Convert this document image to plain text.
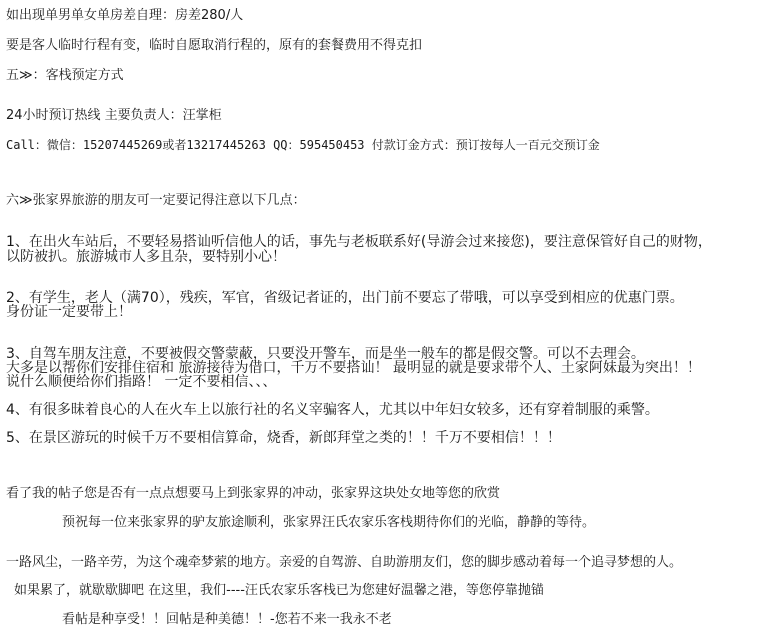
如出现单男单女单房差自理：房差280/人
要是客人临时行程有变，临时自愿取消行程的，原有的套餐费用不得克扣
五≫：客栈预定方式
24小时预订热线 主要负责人：汪掌柜
Call：微信：15207445269或者13217445263 QQ：595450453 付款订金方式：预订按每人一百元交预订金
六≫张家界旅游的朋友可一定要记得注意以下几点：
1、在出火车站后，不要轻易搭讪听信他人的话，事先与老板联系好(导游会过来接您)，要注意保管好自己的财物，
以防被扒。旅游城市人多且杂，要特别小心！
2、有学生，老人（满70），残疾，军官，省级记者证的，出门前不要忘了带哦，可以享受到相应的优惠门票。
身份证一定要带上！
3、自驾车朋友注意，不要被假交警蒙蔽，只要没开警车，而是坐一般车的都是假交警。可以不去理会。
大多是以帮你们安排住宿和 旅游接待为借口，千万不要搭讪！ 最明显的就是要求带个人、土家阿妹最为突出！！
说什么顺便给你们指路！ 一定不要相信、、、
4、有很多昧着良心的人在火车上以旅行社的名义宰骗客人，尤其以中年妇女较多，还有穿着制服的乘警。
5、在景区游玩的时候千万不要相信算命，烧香，新郎拜堂之类的！！千万不要相信！！！
看了我的帖子您是否有一点点想要马上到张家界的冲动，张家界这块处女地等您的欣赏
预祝每一位来张家界的驴友旅途顺利，张家界汪氏农家乐客栈期待你们的光临，静静的等待。
一路风尘，一路辛劳，为这个魂牵梦萦的地方。亲爱的自驾游、自助游朋友们，您的脚步感动着每一个追寻梦想的人。
如果累了，就歇歇脚吧 在这里，我们----汪氏农家乐客栈已为您建好温馨之港，等您停靠抛锚
看帖是种享受！！回帖是种美德！！-您若不来一我永不老
